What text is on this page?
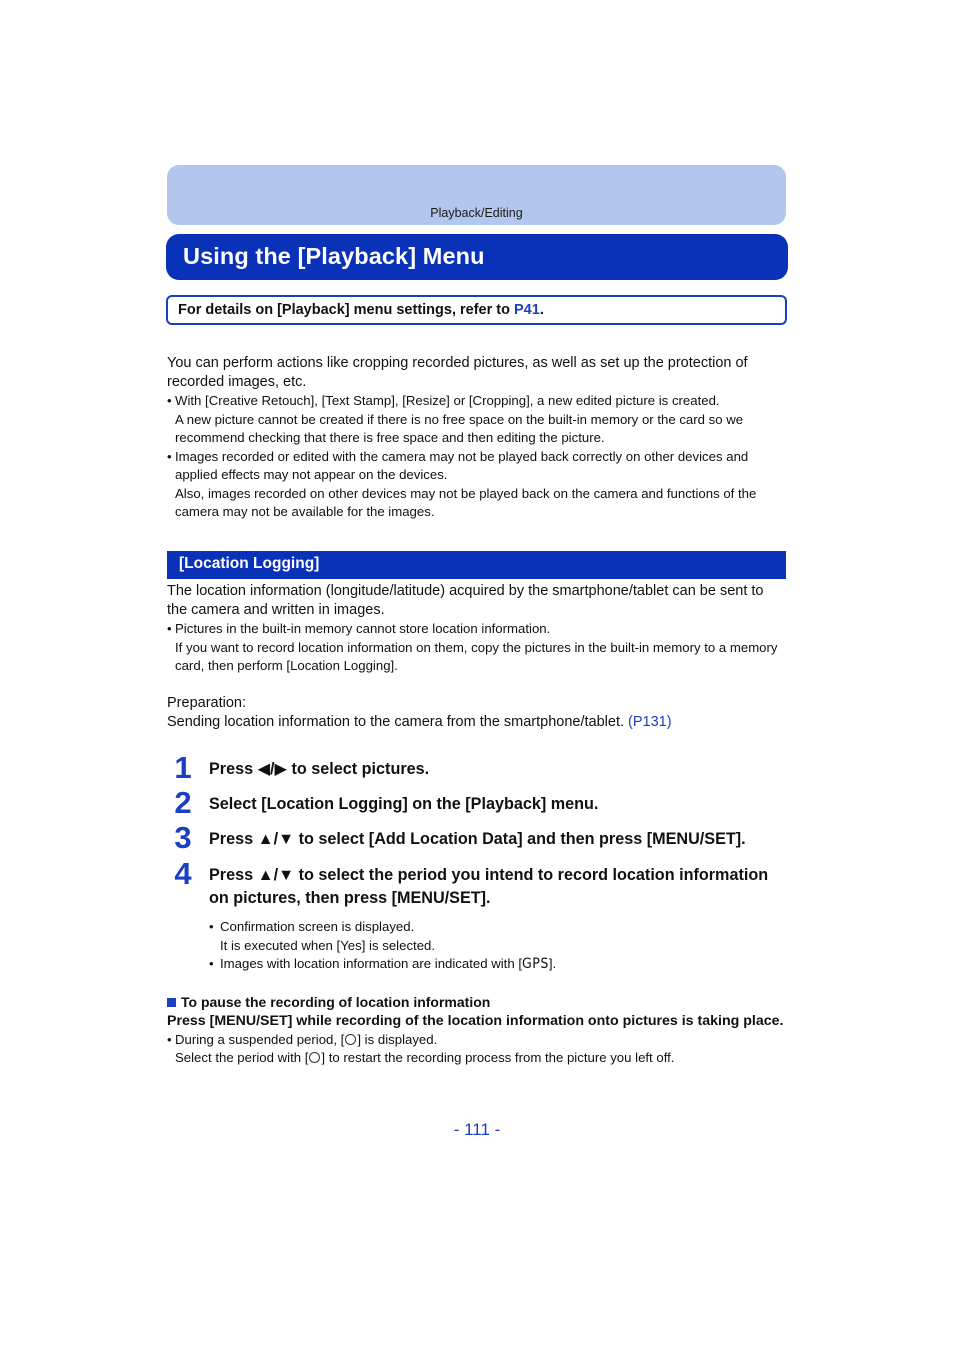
Playback/Editing
Using the [Playback] Menu
For details on [Playback] menu settings, refer to P41.
You can perform actions like cropping recorded pictures, as well as set up the protection of recorded images, etc.
• With [Creative Retouch], [Text Stamp], [Resize] or [Cropping], a new edited picture is created.
A new picture cannot be created if there is no free space on the built-in memory or the card so we recommend checking that there is free space and then editing the picture.
• Images recorded or edited with the camera may not be played back correctly on other devices and applied effects may not appear on the devices.
Also, images recorded on other devices may not be played back on the camera and functions of the camera may not be available for the images.
[Location Logging]
The location information (longitude/latitude) acquired by the smartphone/tablet can be sent to the camera and written in images.
• Pictures in the built-in memory cannot store location information.
If you want to record location information on them, copy the pictures in the built-in memory to a memory card, then perform [Location Logging].
Preparation:
Sending location information to the camera from the smartphone/tablet. (P131)
1	Press ◀/▶ to select pictures.
2	Select [Location Logging] on the [Playback] menu.
3	Press ▲/▼ to select [Add Location Data] and then press [MENU/SET].
4	Press ▲/▼ to select the period you intend to record location information on pictures, then press [MENU/SET].
• Confirmation screen is displayed.
It is executed when [Yes] is selected.
• Images with location information are indicated with [GPS].
To pause the recording of location information
Press [MENU/SET] while recording of the location information onto pictures is taking place.
• During a suspended period, [ ] is displayed.
Select the period with [ ] to restart the recording process from the picture you left off.
- 111 -
